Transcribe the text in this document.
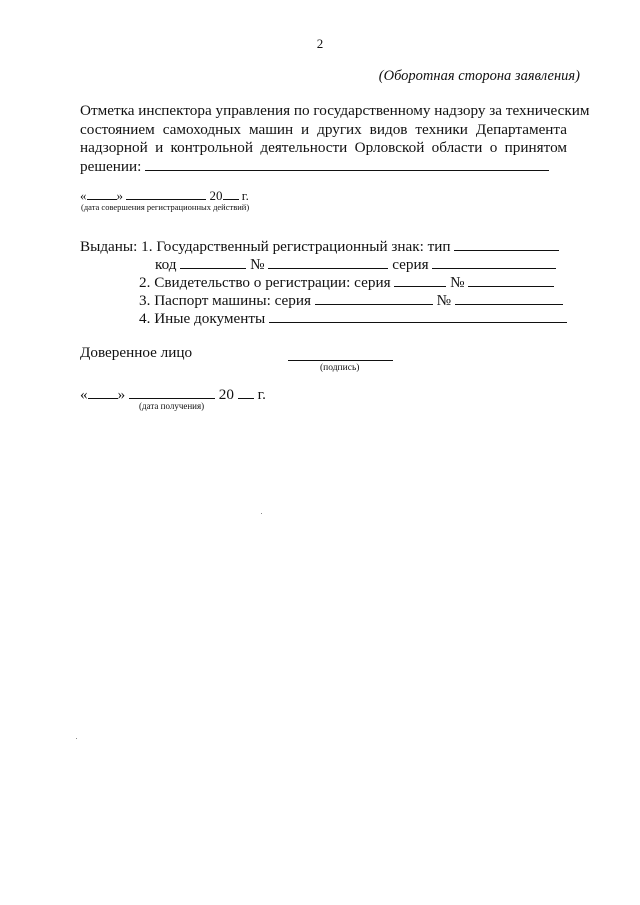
2
(Оборотная сторона заявления)
Отметка инспектора управления по государственному надзору за техническим
состоянием самоходных машин и других видов техники Департамента
надзорной и контрольной деятельности Орловской области о принятом
решении:
« »	20 г.
(дата совершения регистрационных действий)
Выданы: 1. Государственный регистрационный знак: тип
код	№	серия
2. Свидетельство о регистрации: серия	№
3. Паспорт машины: серия	№
4. Иные документы
Доверенное лицо
(подпись)
« »	20 г.
(дата получения)
